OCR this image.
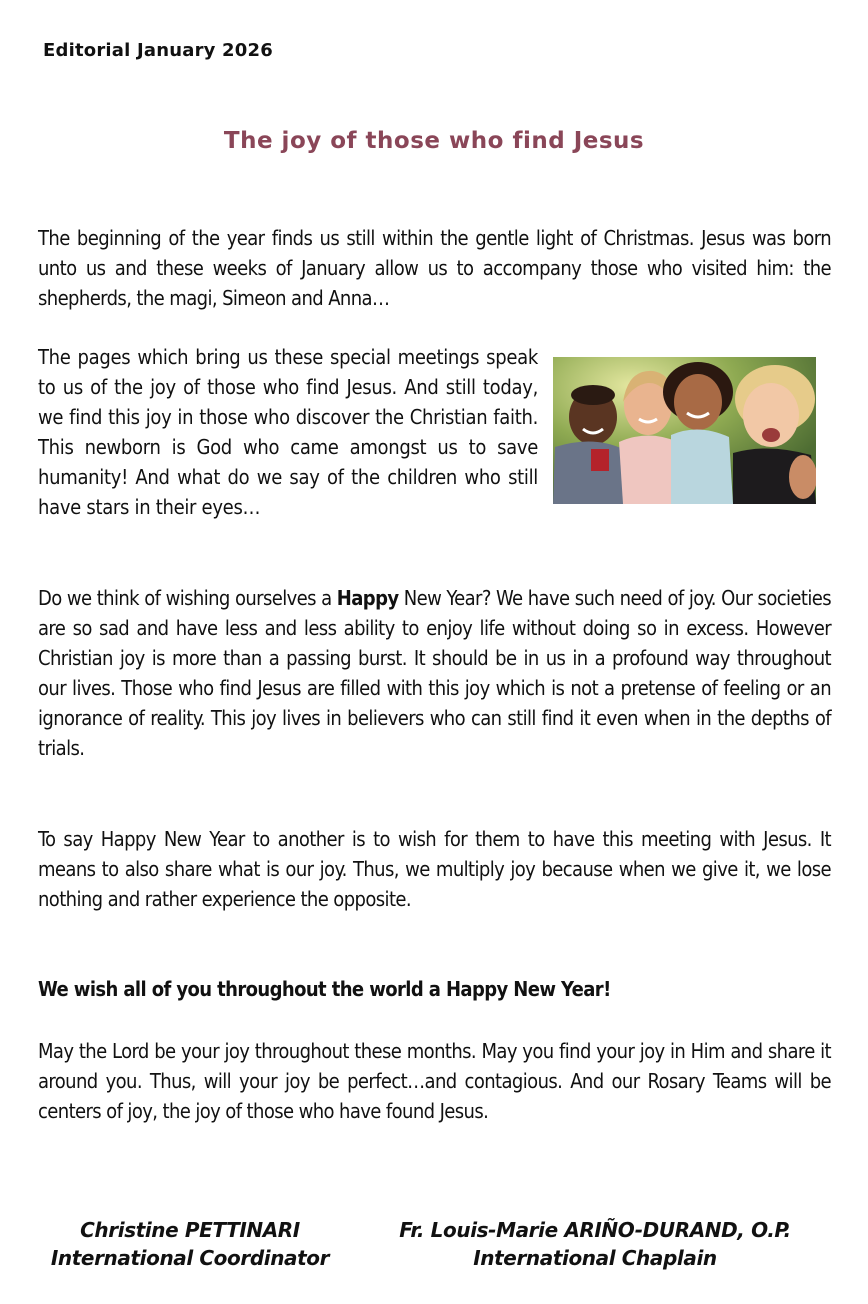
Editorial January 2026
The joy of those who find Jesus

The beginning of the year finds us still within the gentle light of Christmas. Jesus was born unto us and these weeks of January allow us to accompany those who visited him: the shepherds, the magi, Simeon and Anna…

The pages which bring us these special meetings speak to us of the joy of those who find Jesus. And still today, we find this joy in those who discover the Christian faith. This newborn is God who came amongst us to save humanity! And what do we say of the children who still have stars in their eyes…

Do we think of wishing ourselves a Happy New Year? We have such need of joy. Our societies are so sad and have less and less ability to enjoy life without doing so in excess. However Christian joy is more than a passing burst. It should be in us in a profound way throughout our lives. Those who find Jesus are filled with this joy which is not a pretense of feeling or an ignorance of reality. This joy lives in believers who can still find it even when in the depths of trials.

To say Happy New Year to another is to wish for them to have this meeting with Jesus. It means to also share what is our joy. Thus, we multiply joy because when we give it, we lose nothing and rather experience the opposite.

We wish all of you throughout the world a Happy New Year!

May the Lord be your joy throughout these months. May you find your joy in Him and share it around you. Thus, will your joy be perfect…and contagious. And our Rosary Teams will be centers of joy, the joy of those who have found Jesus.

Christine PETTINARI
International Coordinator
Fr. Louis-Marie ARIÑO-DURAND, O.P.
International Chaplain
